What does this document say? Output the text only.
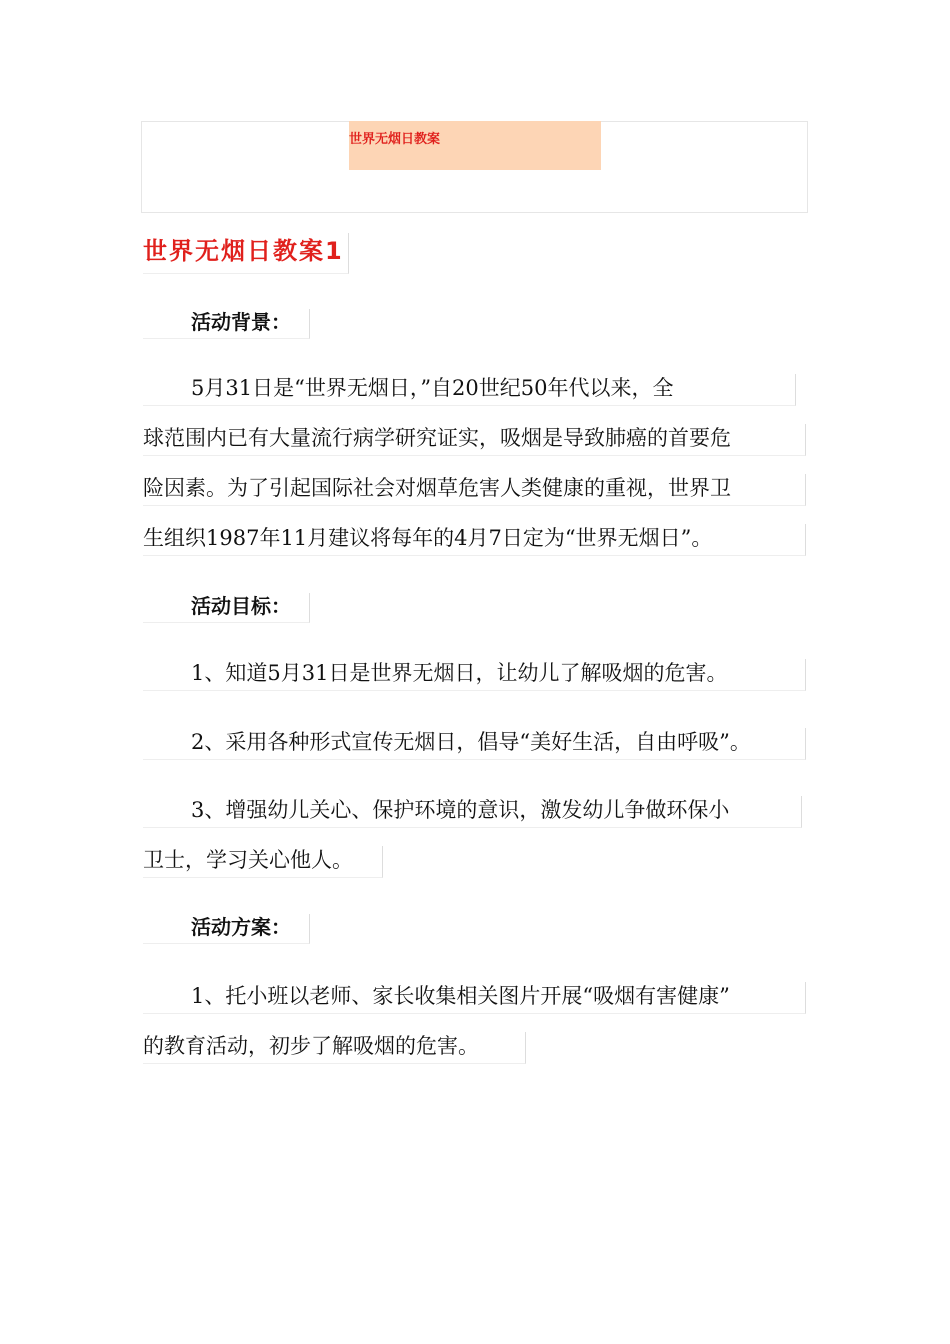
世界无烟日教案
世界无烟日教案1
活动背景：
5月31日是“世界无烟日，”自20世纪50年代以来，全
球范围内已有大量流行病学研究证实，吸烟是导致肺癌的首要危
险因素。为了引起国际社会对烟草危害人类健康的重视，世界卫
生组织1987年11月建议将每年的4月7日定为“世界无烟日”。
活动目标：
1、知道5月31日是世界无烟日，让幼儿了解吸烟的危害。
2、采用各种形式宣传无烟日，倡导“美好生活，自由呼吸”。
3、增强幼儿关心、保护环境的意识，激发幼儿争做环保小
卫士，学习关心他人。
活动方案：
1、托小班以老师、家长收集相关图片开展“吸烟有害健康”
的教育活动，初步了解吸烟的危害。
